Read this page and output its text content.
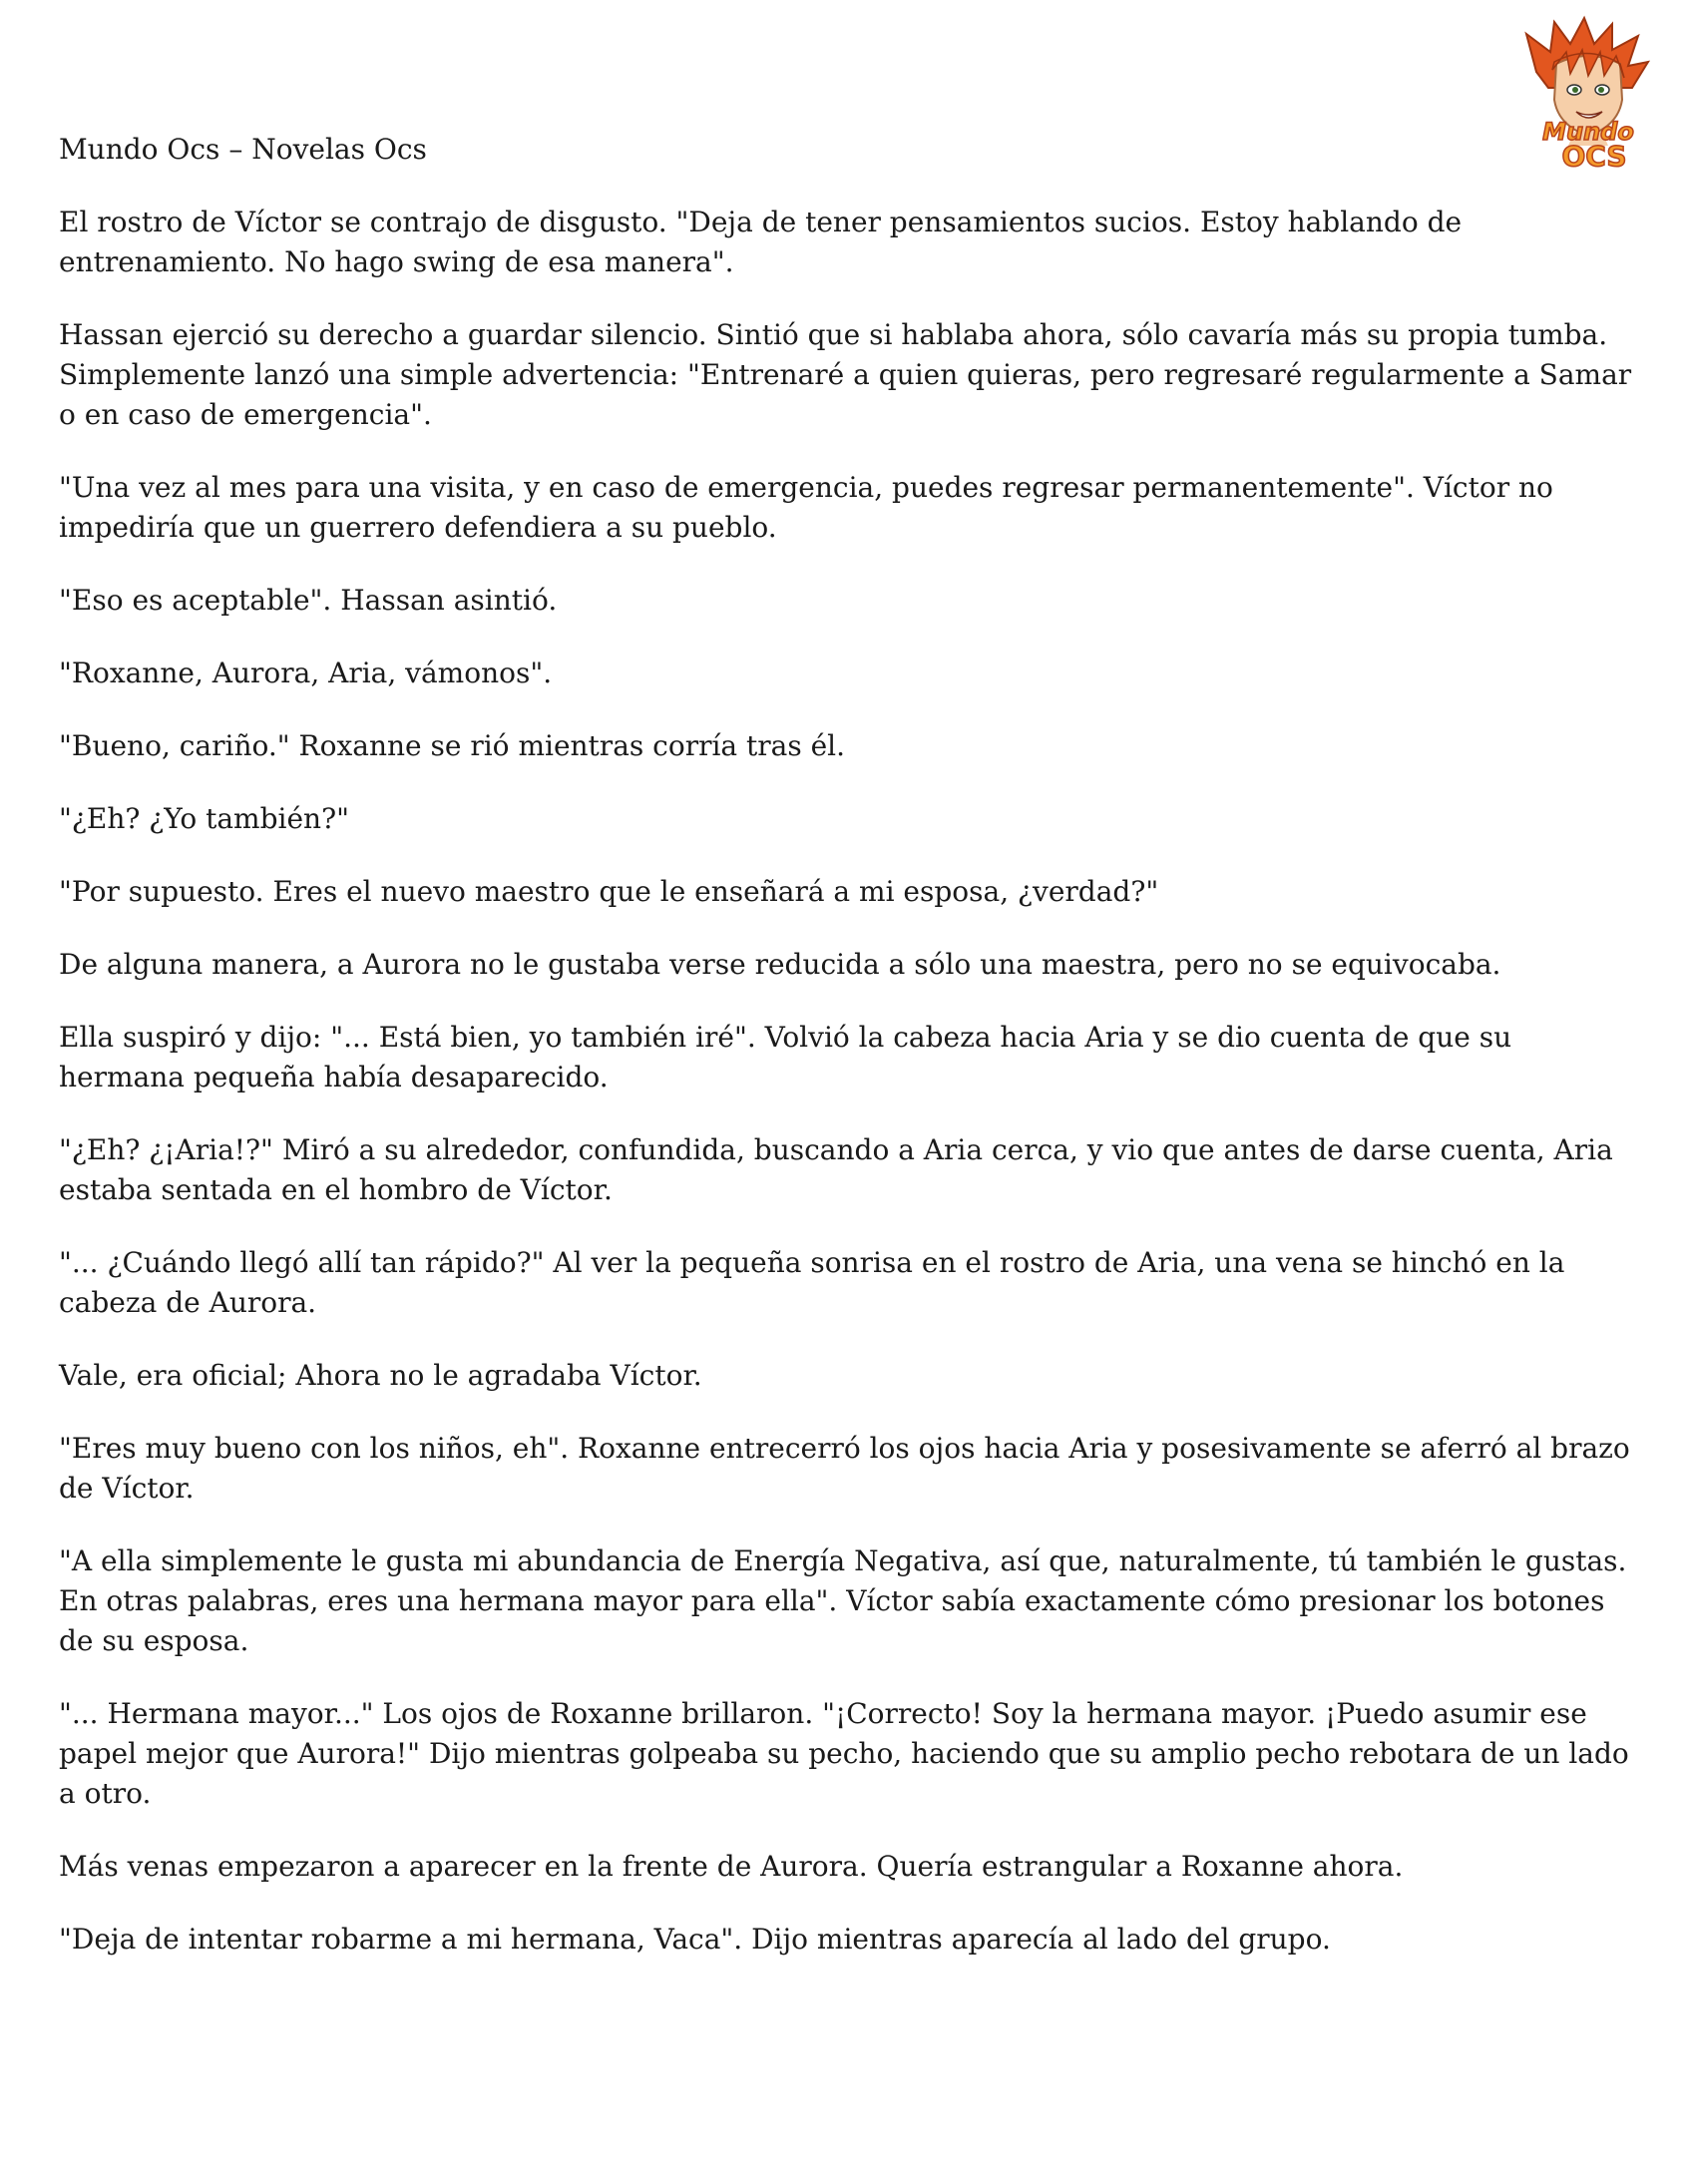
Mundo
OCS

Mundo Ocs – Novelas Ocs

El rostro de Víctor se contrajo de disgusto. "Deja de tener pensamientos sucios. Estoy hablando de entrenamiento. No hago swing de esa manera".

Hassan ejerció su derecho a guardar silencio. Sintió que si hablaba ahora, sólo cavaría más su propia tumba. Simplemente lanzó una simple advertencia: "Entrenaré a quien quieras, pero regresaré regularmente a Samar o en caso de emergencia".

"Una vez al mes para una visita, y en caso de emergencia, puedes regresar permanentemente". Víctor no impediría que un guerrero defendiera a su pueblo.

"Eso es aceptable". Hassan asintió.

"Roxanne, Aurora, Aria, vámonos".

"Bueno, cariño." Roxanne se rió mientras corría tras él.

"¿Eh? ¿Yo también?"

"Por supuesto. Eres el nuevo maestro que le enseñará a mi esposa, ¿verdad?"

De alguna manera, a Aurora no le gustaba verse reducida a sólo una maestra, pero no se equivocaba.

Ella suspiró y dijo: "... Está bien, yo también iré". Volvió la cabeza hacia Aria y se dio cuenta de que su hermana pequeña había desaparecido.

"¿Eh? ¿¡Aria!?" Miró a su alrededor, confundida, buscando a Aria cerca, y vio que antes de darse cuenta, Aria estaba sentada en el hombro de Víctor.

"... ¿Cuándo llegó allí tan rápido?" Al ver la pequeña sonrisa en el rostro de Aria, una vena se hinchó en la cabeza de Aurora.

Vale, era oficial; Ahora no le agradaba Víctor.

"Eres muy bueno con los niños, eh". Roxanne entrecerró los ojos hacia Aria y posesivamente se aferró al brazo de Víctor.

"A ella simplemente le gusta mi abundancia de Energía Negativa, así que, naturalmente, tú también le gustas. En otras palabras, eres una hermana mayor para ella". Víctor sabía exactamente cómo presionar los botones de su esposa.

"... Hermana mayor..." Los ojos de Roxanne brillaron. "¡Correcto! Soy la hermana mayor. ¡Puedo asumir ese papel mejor que Aurora!" Dijo mientras golpeaba su pecho, haciendo que su amplio pecho rebotara de un lado a otro.

Más venas empezaron a aparecer en la frente de Aurora. Quería estrangular a Roxanne ahora.

"Deja de intentar robarme a mi hermana, Vaca". Dijo mientras aparecía al lado del grupo.
